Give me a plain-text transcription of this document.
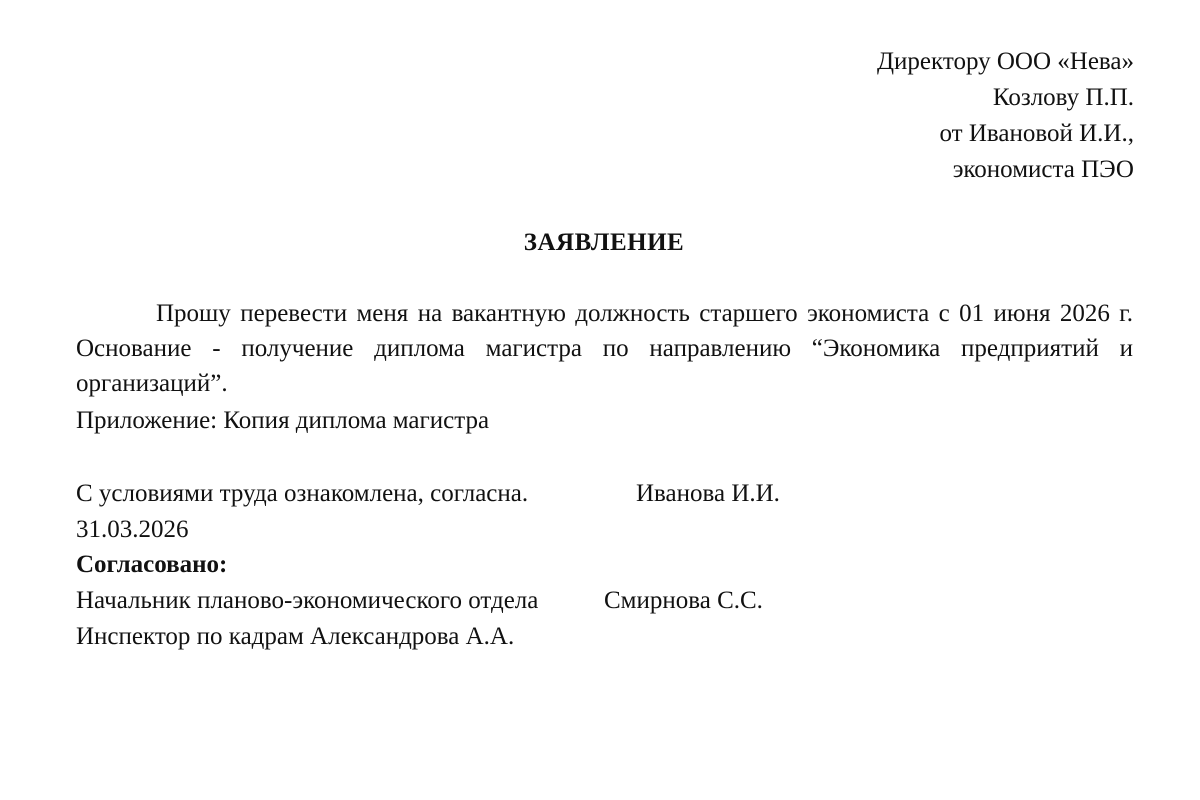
Директору ООО «Нева»
Козлову П.П.
от Ивановой И.И.,
экономиста ПЭО
ЗАЯВЛЕНИЕ

Прошу перевести меня на вакантную должность старшего экономиста с 01 июня 2026 г. Основание - получение диплома магистра по направлению “Экономика предприятий и организаций”.

Приложение: Копия диплома магистра
С условиями труда ознакомлена, согласна.	Иванова И.И.
31.03.2026
Согласовано:
Начальник планово-экономического отдела	Смирнова С.С.
Инспектор по кадрам Александрова А.А.
